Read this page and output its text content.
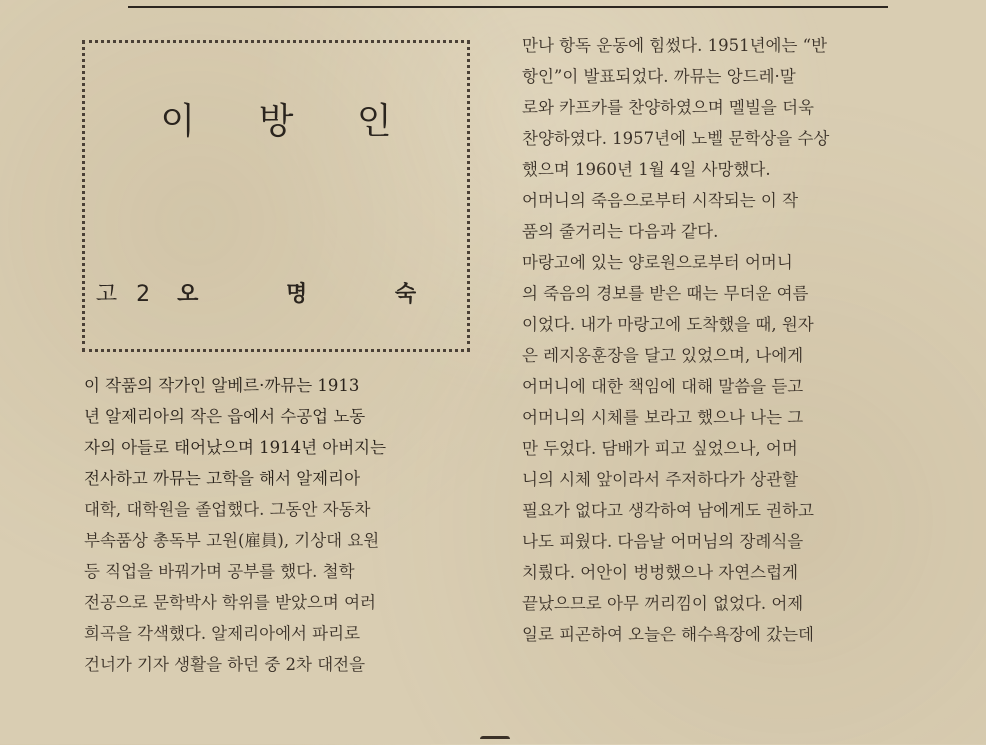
이 방 인
고 2 오 명 숙
이 작품의 작가인 알베르·까뮤는 1913
년 알제리아의 작은 읍에서 수공업 노동
자의 아들로 태어났으며 1914년 아버지는
전사하고 까뮤는 고학을 해서 알제리아
대학, 대학원을 졸업했다. 그동안 자동차
부속품상 총독부 고원(雇員), 기상대 요원
등 직업을 바꿔가며 공부를 했다. 철학
전공으로 문학박사 학위를 받았으며 여러
희곡을 각색했다. 알제리아에서 파리로
건너가 기자 생활을 하던 중 2차 대전을
만나 항독 운동에 힘썼다. 1951년에는 “반
항인”이 발표되었다. 까뮤는 앙드레·말
로와 카프카를 찬양하였으며 멜빌을 더욱
찬양하였다. 1957년에 노벨 문학상을 수상
했으며 1960년 1월 4일 사망했다.
어머니의 죽음으로부터 시작되는 이 작
품의 줄거리는 다음과 같다.
마랑고에 있는 양로원으로부터 어머니
의 죽음의 경보를 받은 때는 무더운 여름
이었다. 내가 마랑고에 도착했을 때, 원자
은 레지옹훈장을 달고 있었으며, 나에게
어머니에 대한 책임에 대해 말씀을 듣고
어머니의 시체를 보라고 했으나 나는 그
만 두었다. 담배가 피고 싶었으나, 어머
니의 시체 앞이라서 주저하다가 상관할
필요가 없다고 생각하여 남에게도 권하고
나도 피웠다. 다음날 어머님의 장례식을
치뤘다. 어안이 벙벙했으나 자연스럽게
끝났으므로 아무 꺼리낌이 없었다. 어제
일로 피곤하여 오늘은 해수욕장에 갔는데
